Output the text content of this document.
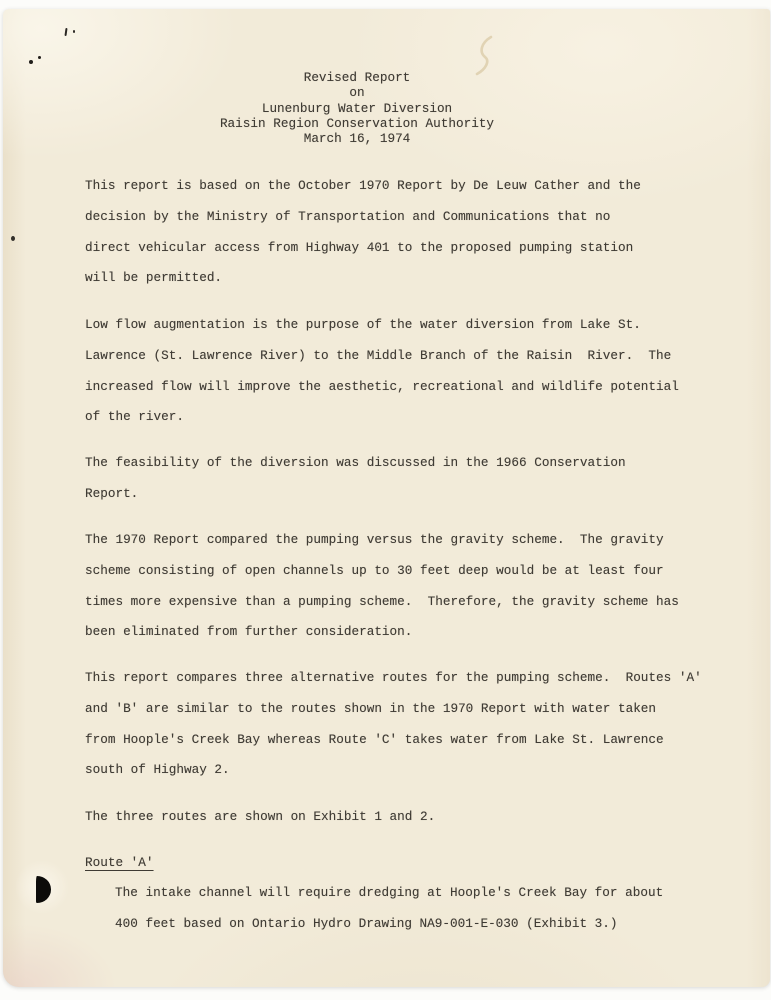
Revised Report
on
Lunenburg Water Diversion
Raisin Region Conservation Authority
March 16, 1974
This report is based on the October 1970 Report by De Leuw Cather and the
decision by the Ministry of Transportation and Communications that no
direct vehicular access from Highway 401 to the proposed pumping station
will be permitted.
Low flow augmentation is the purpose of the water diversion from Lake St.
Lawrence (St. Lawrence River) to the Middle Branch of the Raisin  River.  The
increased flow will improve the aesthetic, recreational and wildlife potential
of the river.
The feasibility of the diversion was discussed in the 1966 Conservation
Report.
The 1970 Report compared the pumping versus the gravity scheme.  The gravity
scheme consisting of open channels up to 30 feet deep would be at least four
times more expensive than a pumping scheme.  Therefore, the gravity scheme has
been eliminated from further consideration.
This report compares three alternative routes for the pumping scheme.  Routes 'A'
and 'B' are similar to the routes shown in the 1970 Report with water taken
from Hoople's Creek Bay whereas Route 'C' takes water from Lake St. Lawrence
south of Highway 2.
The three routes are shown on Exhibit 1 and 2.
Route 'A'
The intake channel will require dredging at Hoople's Creek Bay for about
400 feet based on Ontario Hydro Drawing NA9-001-E-030 (Exhibit 3.)
